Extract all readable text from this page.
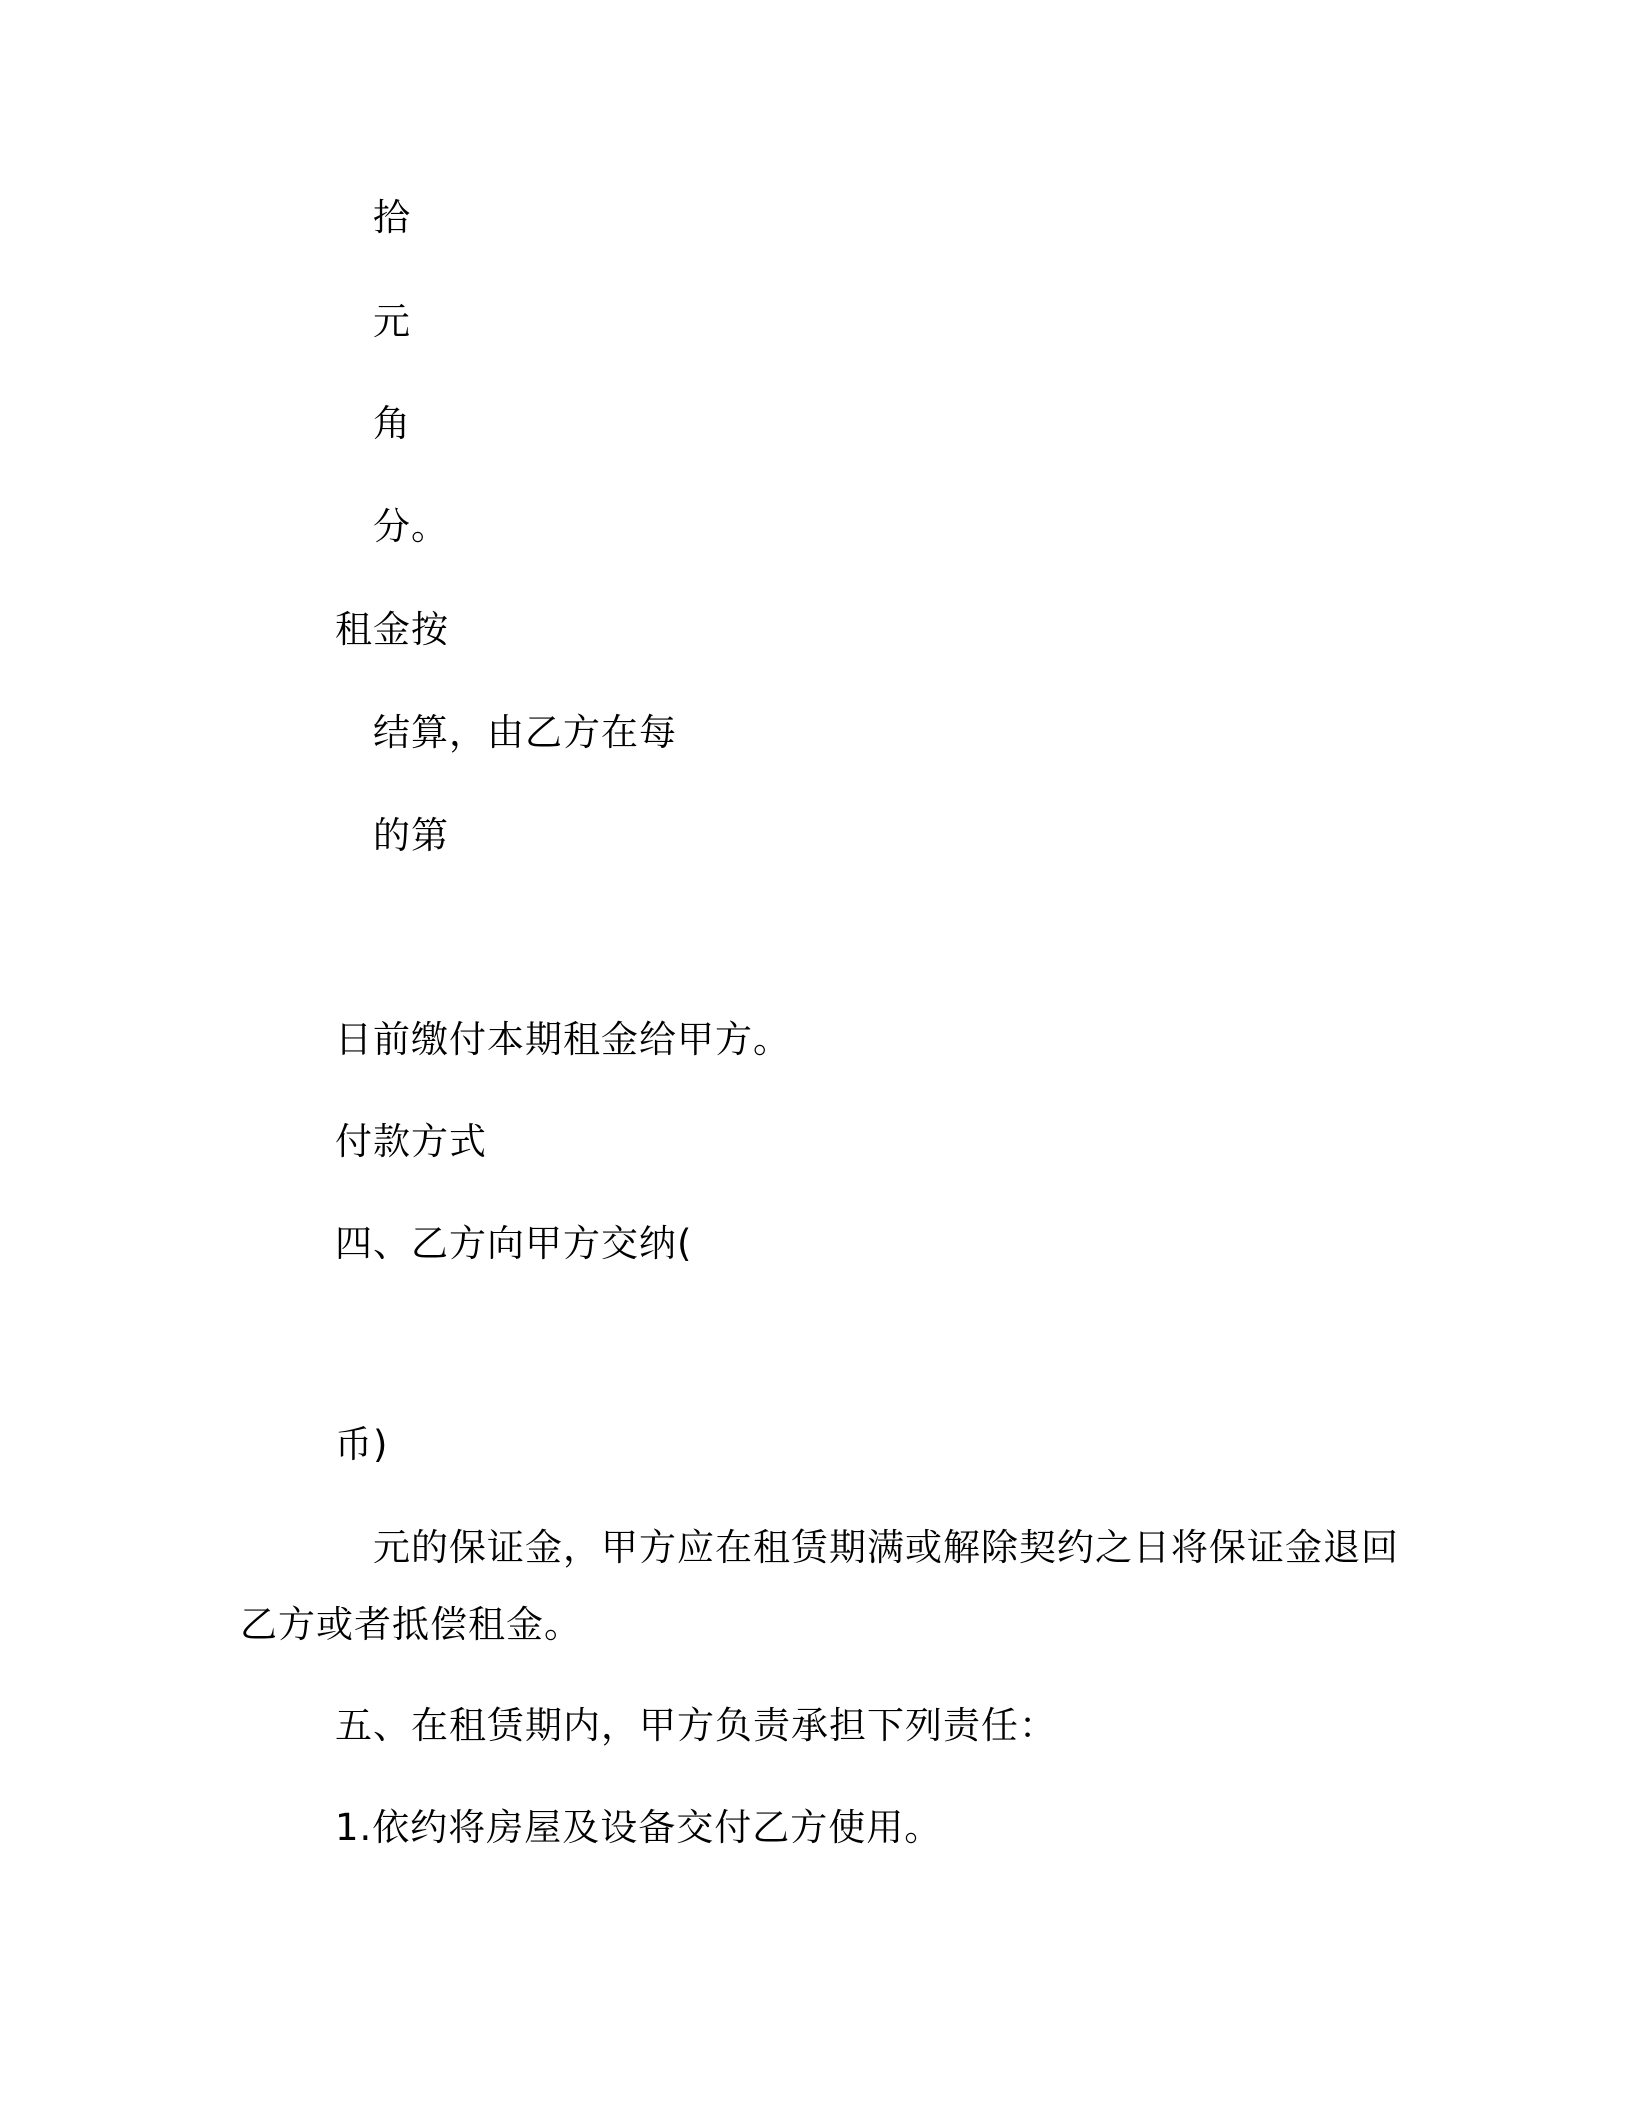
拾
元
角
分。
租金按
结算，由乙方在每
的第
日前缴付本期租金给甲方。
付款方式
四、乙方向甲方交纳(
币)
元的保证金，甲方应在租赁期满或解除契约之日将保证金退回
乙方或者抵偿租金。
五、在租赁期内，甲方负责承担下列责任：
1.依约将房屋及设备交付乙方使用。
